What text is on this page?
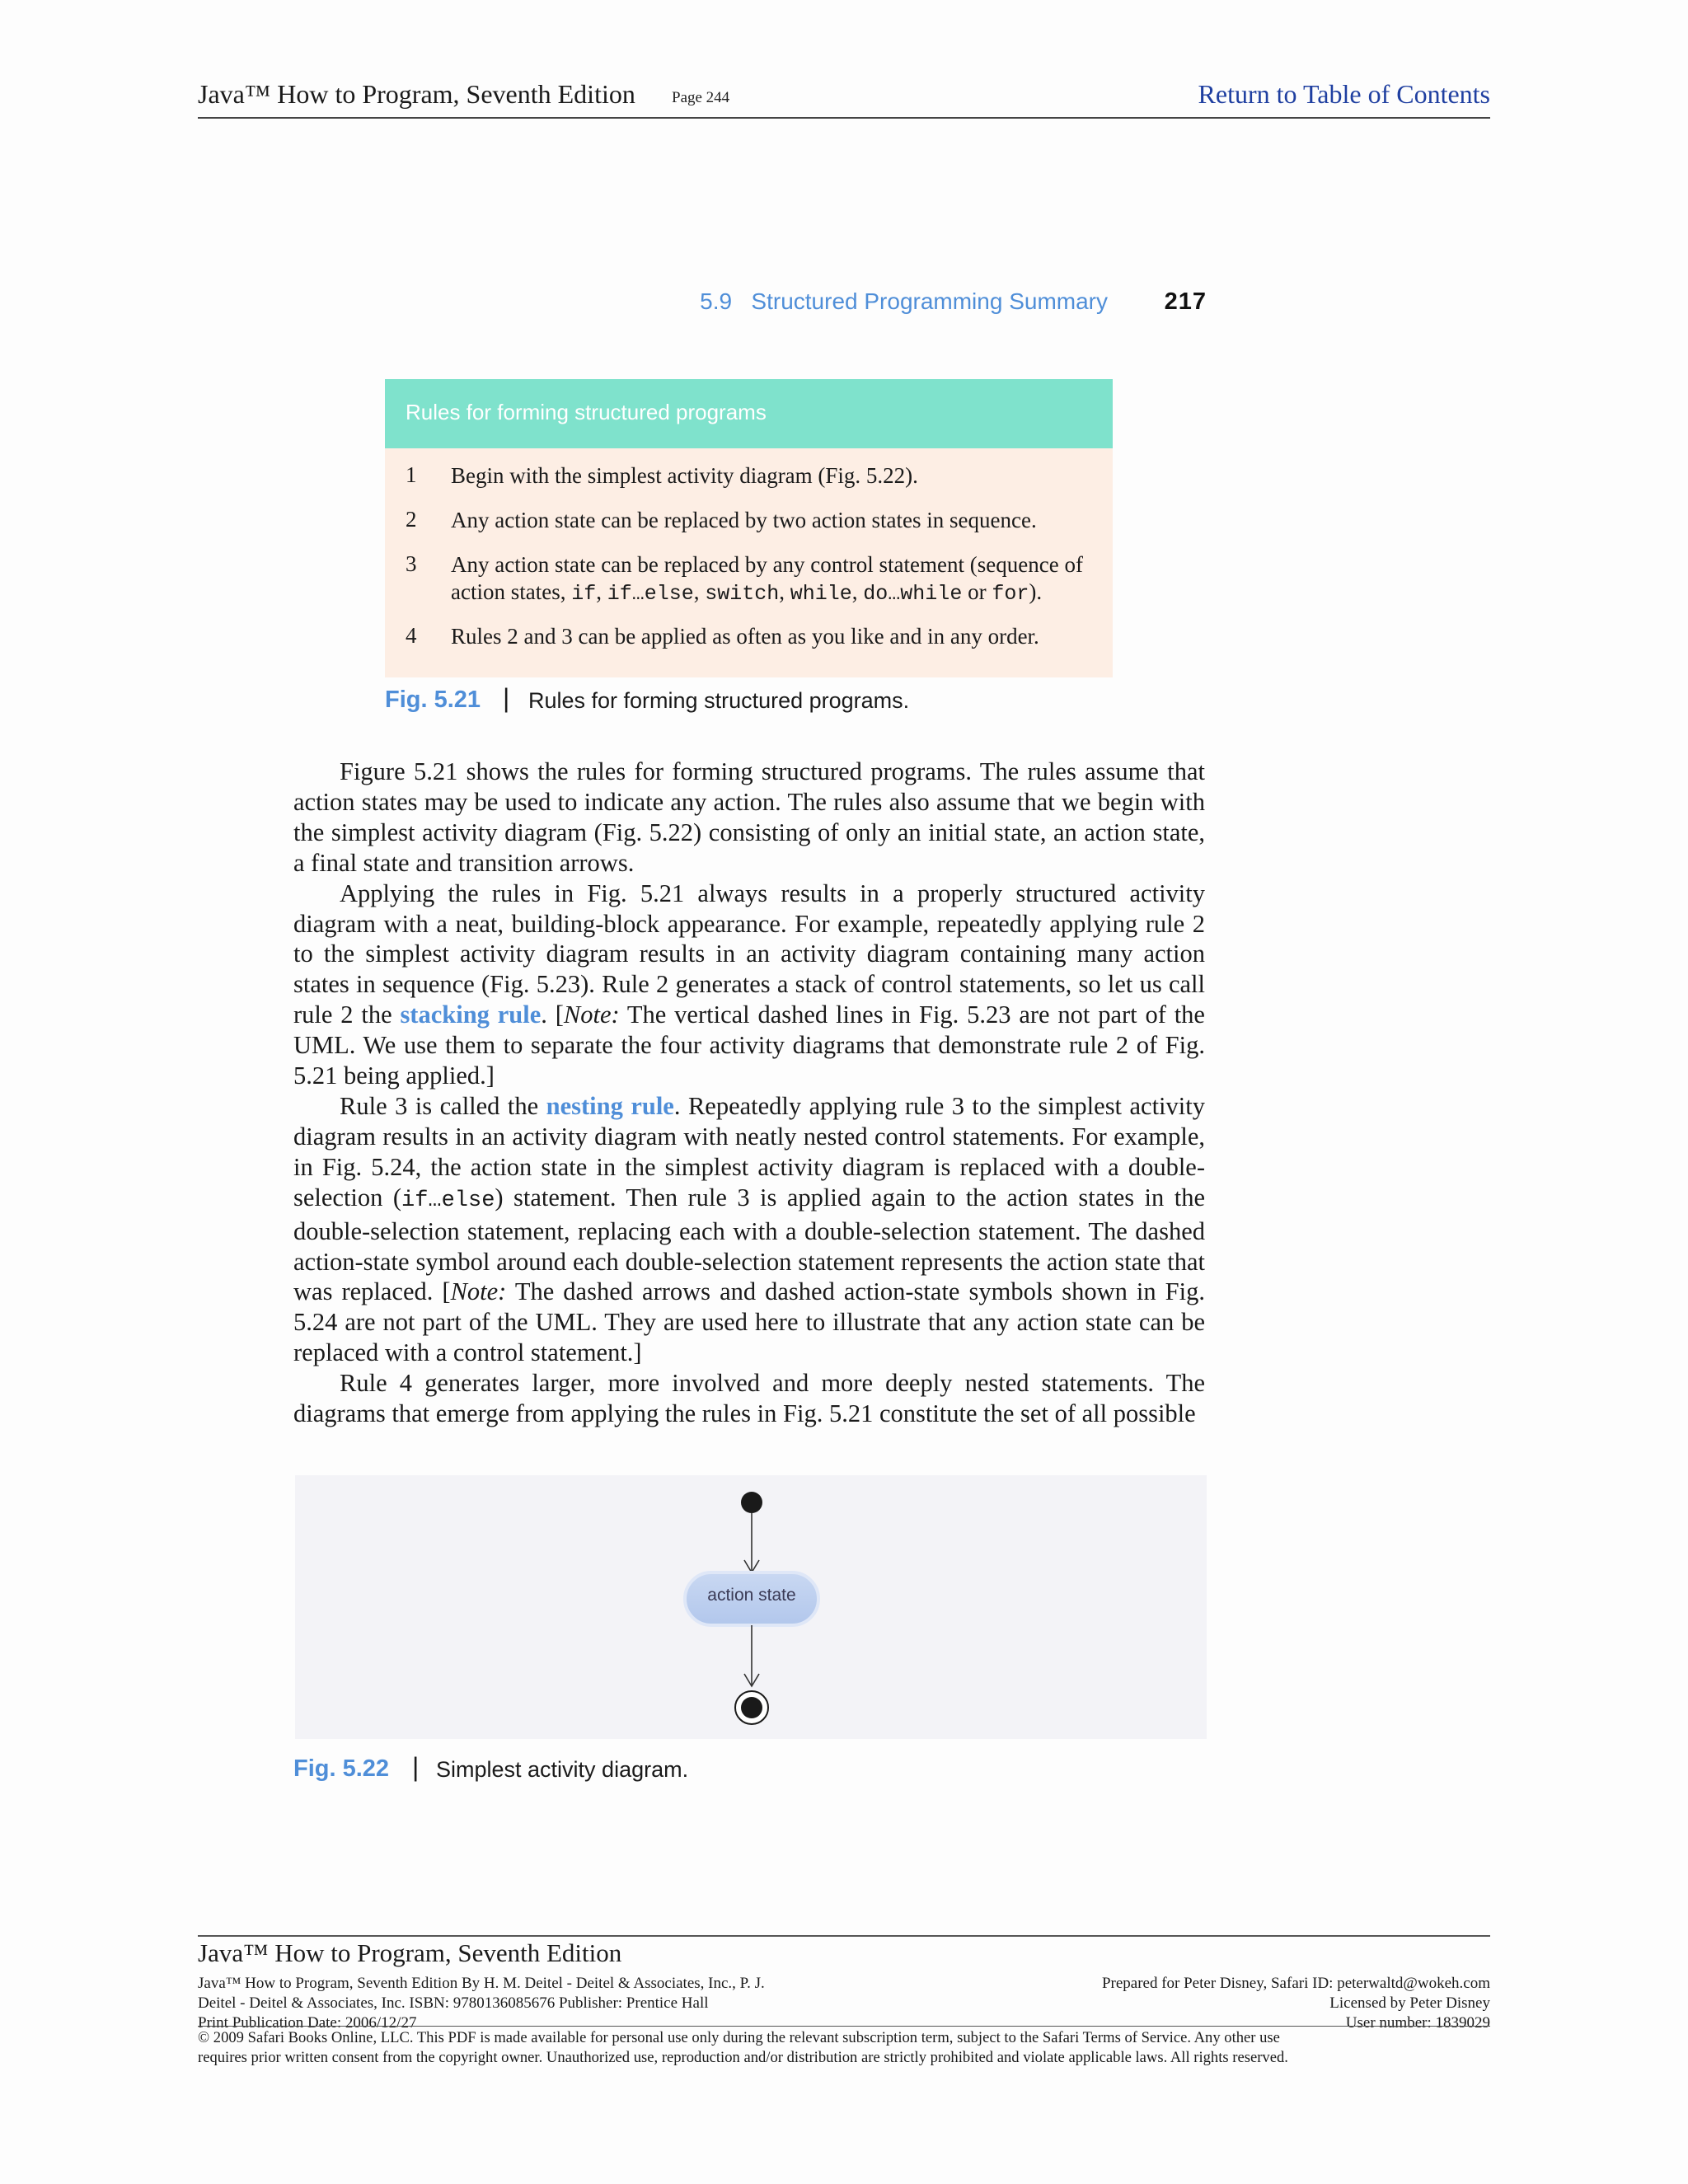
Java™ How to Program, Seventh Edition Page 244	Return to Table of Contents
5.9   Structured Programming Summary 217
Rules for forming structured programs
1 Begin with the simplest activity diagram (Fig. 5.22).
2 Any action state can be replaced by two action states in sequence.
3 Any action state can be replaced by any control statement (sequence of action states, if, if…else, switch, while, do…while or for).
4 Rules 2 and 3 can be applied as often as you like and in any order.
Fig. 5.21 | Rules for forming structured programs.

Figure 5.21 shows the rules for forming structured programs. The rules assume that action states may be used to indicate any action. The rules also assume that we begin with the simplest activity diagram (Fig. 5.22) consisting of only an initial state, an action state, a final state and transition arrows.

Applying the rules in Fig. 5.21 always results in a properly structured activity diagram with a neat, building-block appearance. For example, repeatedly applying rule 2 to the simplest activity diagram results in an activity diagram containing many action states in sequence (Fig. 5.23). Rule 2 generates a stack of control statements, so let us call rule 2 the stacking rule. [Note: The vertical dashed lines in Fig. 5.23 are not part of the UML. We use them to separate the four activity diagrams that demonstrate rule 2 of Fig. 5.21 being applied.]

Rule 3 is called the nesting rule. Repeatedly applying rule 3 to the simplest activity diagram results in an activity diagram with neatly nested control statements. For example, in Fig. 5.24, the action state in the simplest activity diagram is replaced with a double-selection (if…else) statement. Then rule 3 is applied again to the action states in the double-selection statement, replacing each with a double-selection statement. The dashed action-state symbol around each double-selection statement represents the action state that was replaced. [Note: The dashed arrows and dashed action-state symbols shown in Fig. 5.24 are not part of the UML. They are used here to illustrate that any action state can be replaced with a control statement.]

Rule 4 generates larger, more involved and more deeply nested statements. The diagrams that emerge from applying the rules in Fig. 5.21 constitute the set of all possible

action state
Fig. 5.22 | Simplest activity diagram.
Java™ How to Program, Seventh Edition
Java™ How to Program, Seventh Edition By H. M. Deitel - Deitel & Associates, Inc., P. J.
Deitel - Deitel & Associates, Inc. ISBN: 9780136085676 Publisher: Prentice Hall
Print Publication Date: 2006/12/27
Prepared for Peter Disney, Safari ID: peterwaltd@wokeh.com
Licensed by Peter Disney
User number: 1839029
© 2009 Safari Books Online, LLC. This PDF is made available for personal use only during the relevant subscription term, subject to the Safari Terms of Service. Any other use
requires prior written consent from the copyright owner. Unauthorized use, reproduction and/or distribution are strictly prohibited and violate applicable laws. All rights reserved.
